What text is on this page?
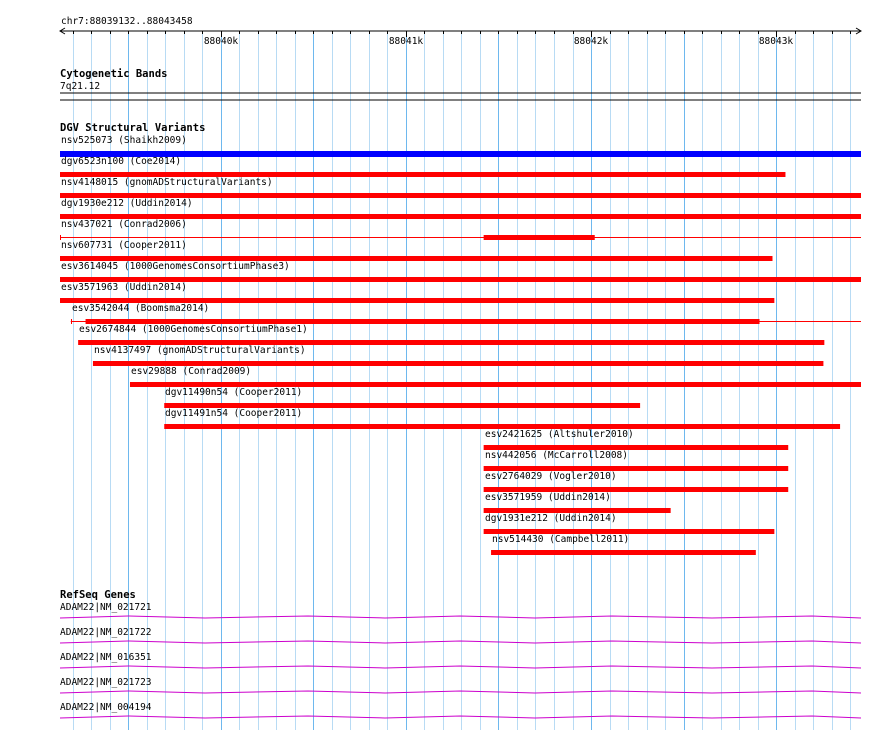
chr7:88039132..88043458
88040k	88041k	88042k	88043k
Cytogenetic Bands
7q21.12
DGV Structural Variants
nsv525073 (Shaikh2009)
dgv6523n100 (Coe2014)
nsv4148015 (gnomADStructuralVariants)
dgv1930e212 (Uddin2014)
nsv437021 (Conrad2006)
nsv607731 (Cooper2011)
esv3614045 (1000GenomesConsortiumPhase3)
esv3571963 (Uddin2014)
esv3542044 (Boomsma2014)
esv2674844 (1000GenomesConsortiumPhase1)
nsv4137497 (gnomADStructuralVariants)
esv29888 (Conrad2009)
dgv11490n54 (Cooper2011)
dgv11491n54 (Cooper2011)
esv2421625 (Altshuler2010)
nsv442056 (McCarroll2008)
esv2764029 (Vogler2010)
esv3571959 (Uddin2014)
dgv1931e212 (Uddin2014)
nsv514430 (Campbell2011)
RefSeq Genes
ADAM22|NM_021721
ADAM22|NM_021722
ADAM22|NM_016351
ADAM22|NM_021723
ADAM22|NM_004194
